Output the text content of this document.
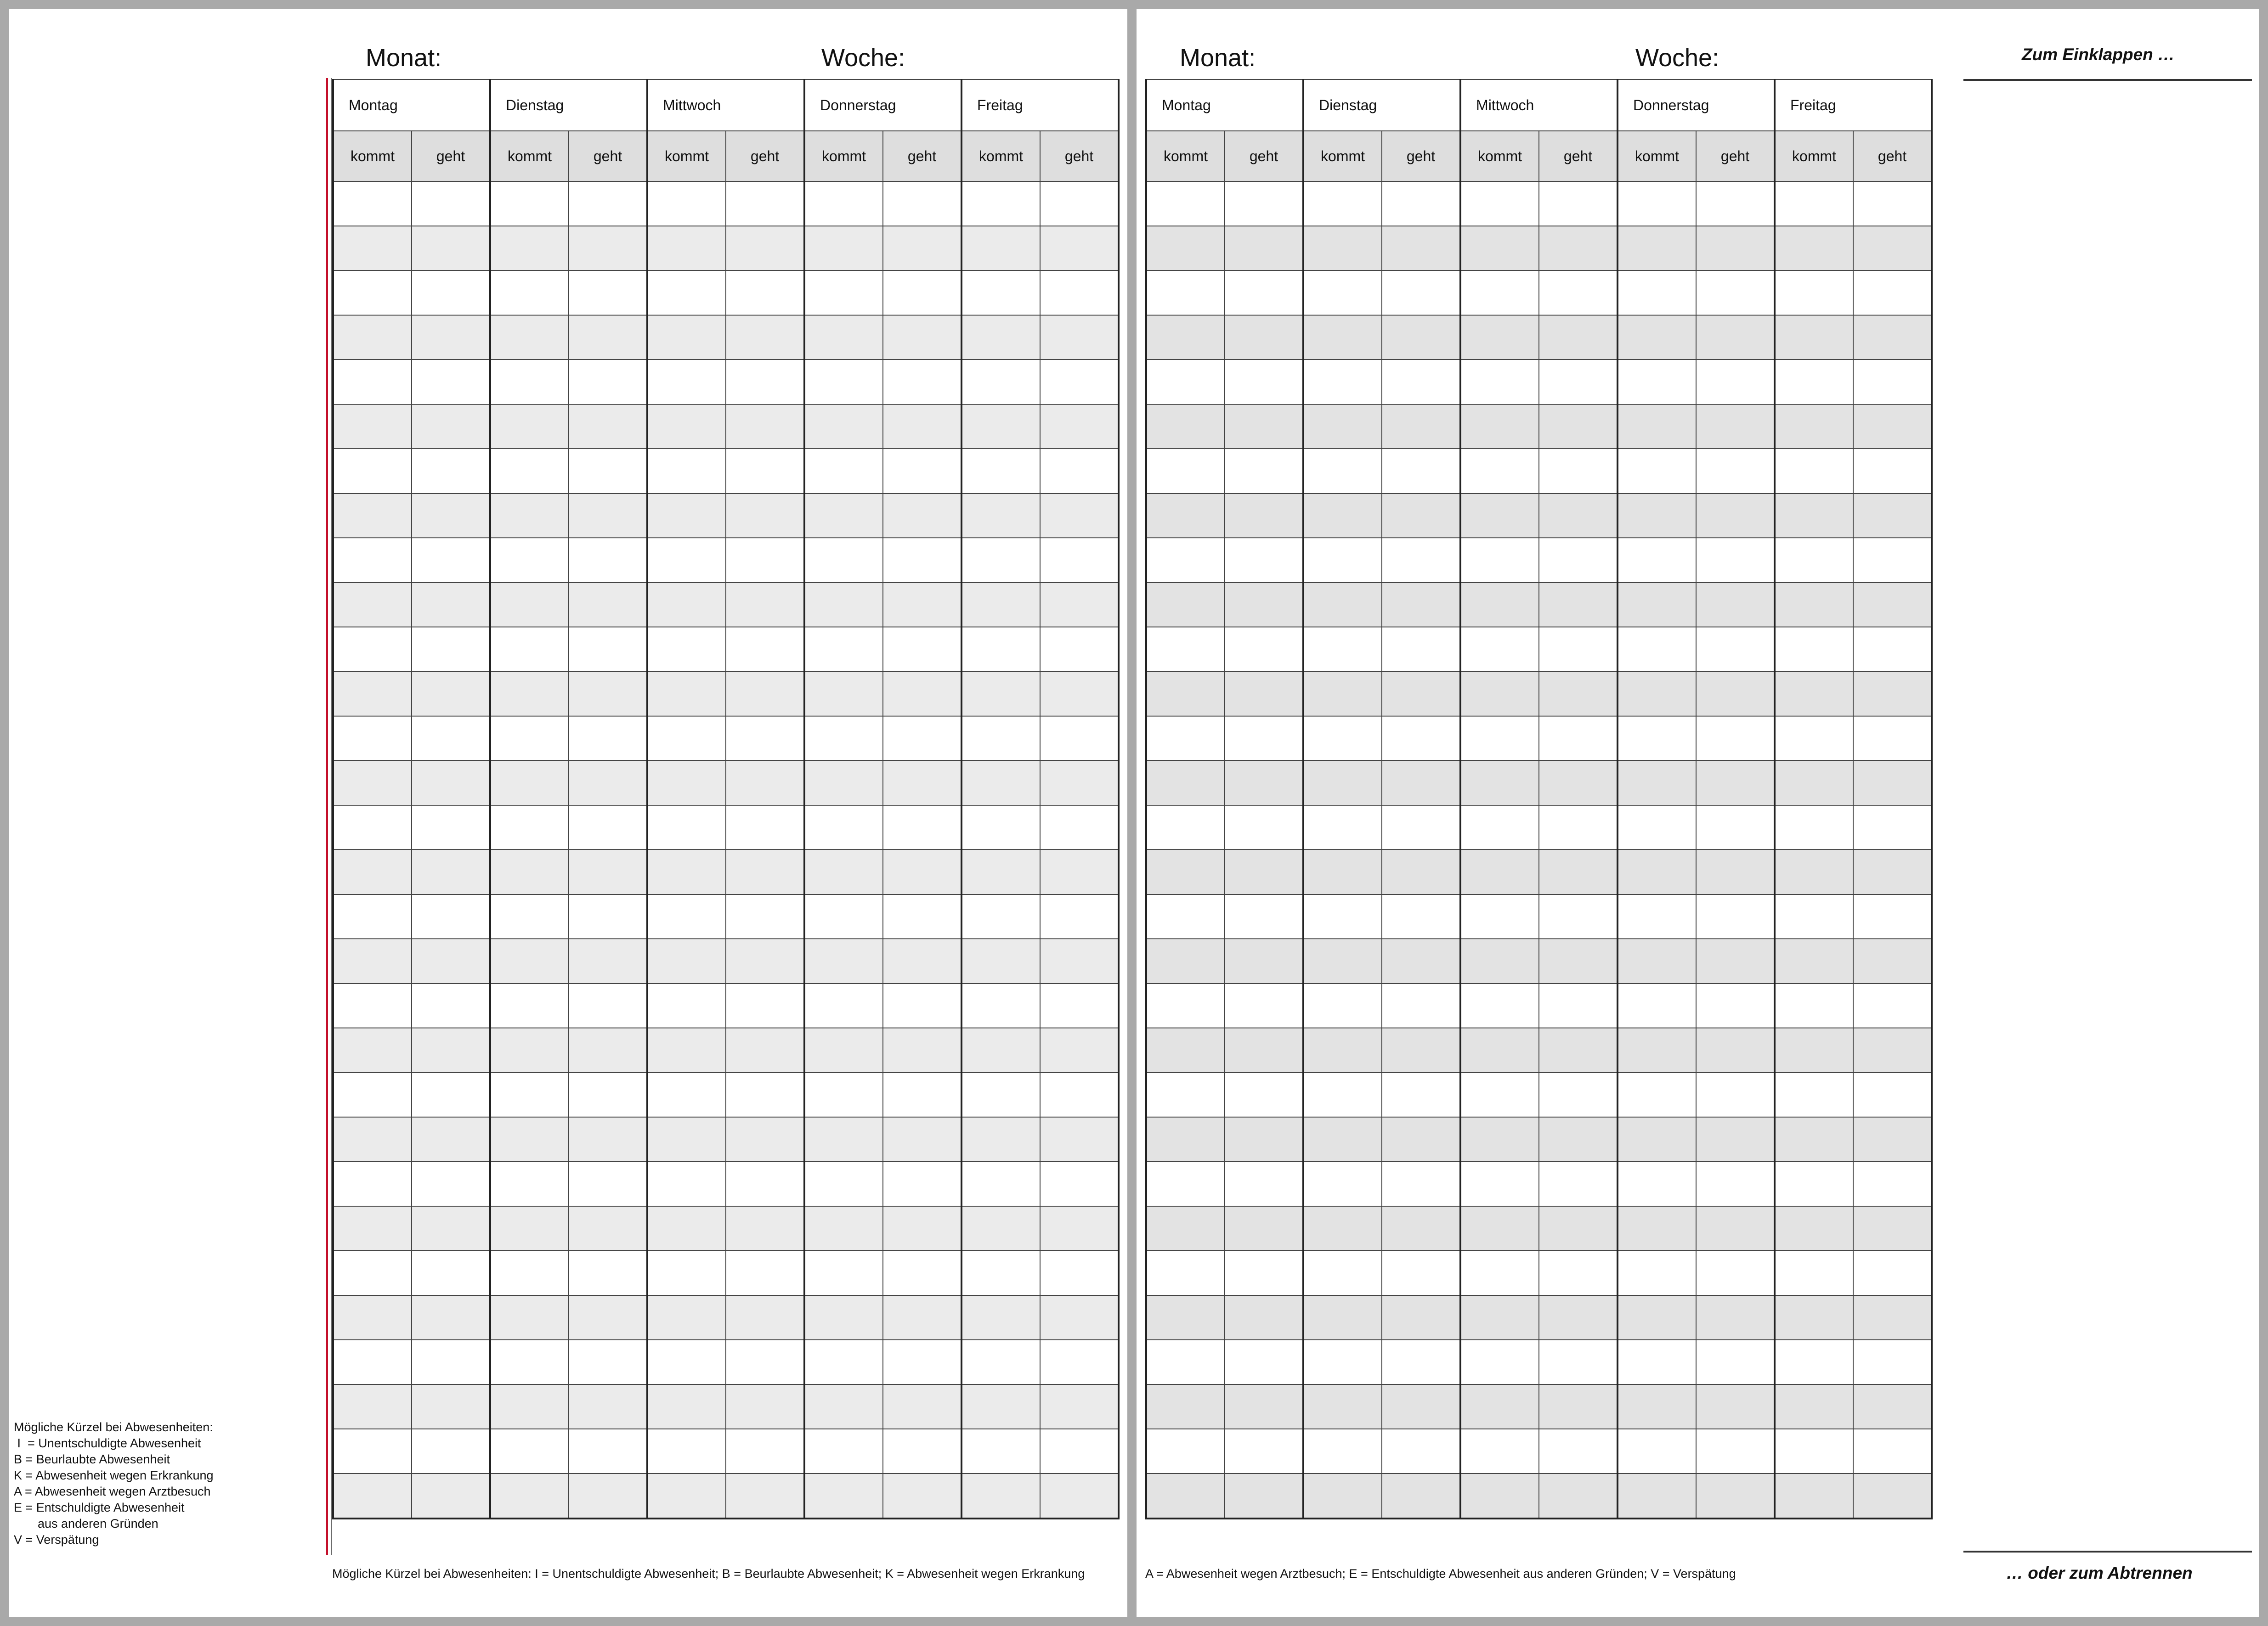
Monat:	Woche:
Montag		Dienstag		Mittwoch		Donnerstag		Freitag	
kommt	geht	kommt	geht	kommt	geht	kommt	geht	kommt	geht

Mögliche Kürzel bei Abwesenheiten: I = Unentschuldigte Abwesenheit; B = Beurlaubte Abwesenheit; K = Abwesenheit wegen Erkrankung
Mögliche Kürzel bei Abwesenheiten:
I  = Unentschuldigte Abwesenheit
B = Beurlaubte Abwesenheit
K = Abwesenheit wegen Erkrankung
A = Abwesenheit wegen Arztbesuch
E = Entschuldigte Abwesenheit
aus anderen Gründen
V = Verspätung
Monat:	Woche:
Montag		Dienstag		Mittwoch		Donnerstag		Freitag	
kommt	geht	kommt	geht	kommt	geht	kommt	geht	kommt	geht

A = Abwesenheit wegen Arztbesuch; E = Entschuldigte Abwesenheit aus anderen Gründen; V = Verspätung
Zum Einklappen …
… oder zum Abtrennen
